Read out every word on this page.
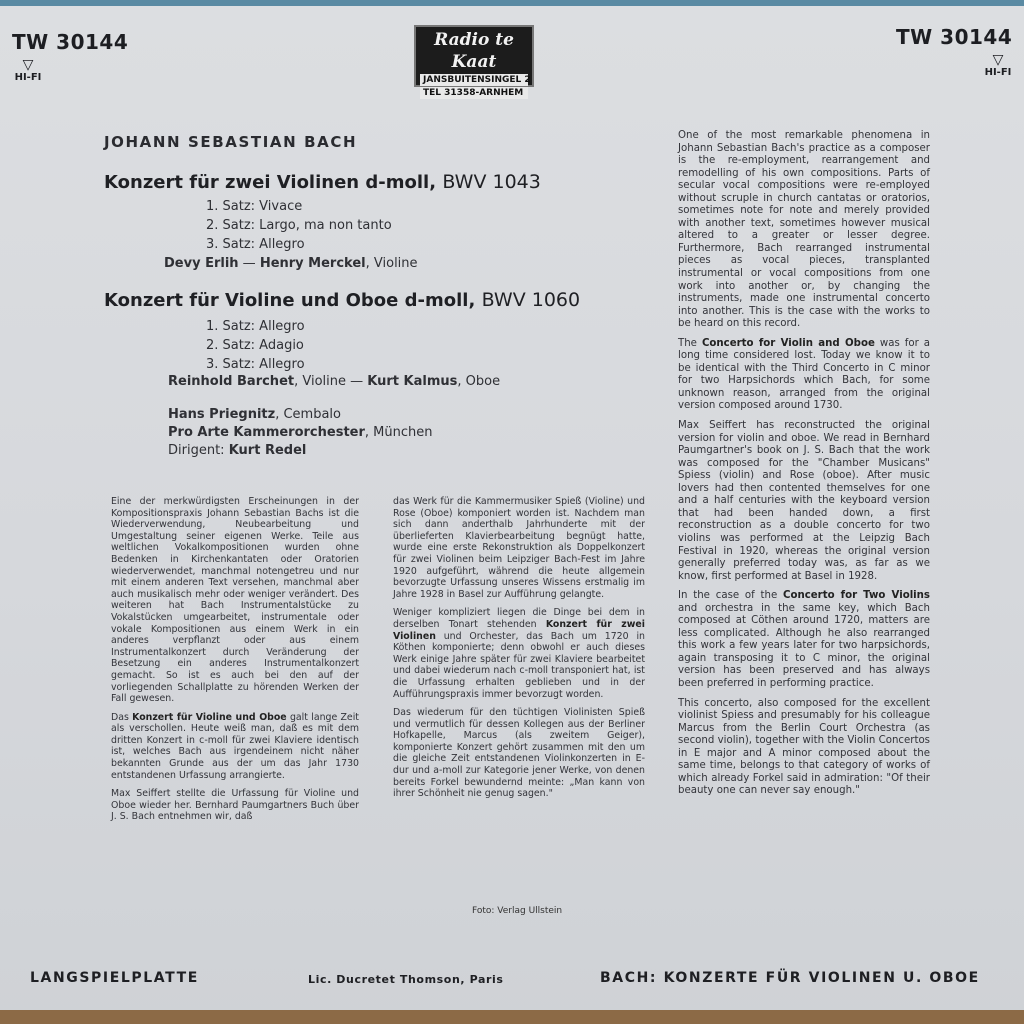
TW 30144	TW 30144
▽
HI-FI
▽
HI-FI
Radio te Kaat
JANSBUITENSINGEL 2
TEL 31358-ARNHEM
JOHANN SEBASTIAN BACH
Konzert für zwei Violinen d-moll, BWV 1043
1. Satz: Vivace
2. Satz: Largo, ma non tanto
3. Satz: Allegro
Devy Erlih — Henry Merckel, Violine
Konzert für Violine und Oboe d-moll, BWV 1060
1. Satz: Allegro
2. Satz: Adagio
3. Satz: Allegro
Reinhold Barchet, Violine — Kurt Kalmus, Oboe
Hans Priegnitz, Cembalo
Pro Arte Kammerorchester, München
Dirigent: Kurt Redel

Eine der merkwürdigsten Erscheinungen in der Kompositionspraxis Johann Sebastian Bachs ist die Wiederverwendung, Neubearbeitung und Umgestaltung seiner eigenen Werke. Teile aus weltlichen Vokalkompositionen wurden ohne Bedenken in Kirchenkantaten oder Oratorien wiederverwendet, manchmal notengetreu und nur mit einem anderen Text versehen, manchmal aber auch musikalisch mehr oder weniger verändert. Des weiteren hat Bach Instrumentalstücke zu Vokalstücken umgearbeitet, instrumentale oder vokale Kompositionen aus einem Werk in ein anderes verpflanzt oder aus einem Instrumentalkonzert durch Veränderung der Besetzung ein anderes Instrumentalkonzert gemacht. So ist es auch bei den auf der vorliegenden Schallplatte zu hörenden Werken der Fall gewesen.

Das Konzert für Violine und Oboe galt lange Zeit als verschollen. Heute weiß man, daß es mit dem dritten Konzert in c-moll für zwei Klaviere identisch ist, welches Bach aus irgendeinem nicht näher bekannten Grunde aus der um das Jahr 1730 entstandenen Urfassung arrangierte.

Max Seiffert stellte die Urfassung für Violine und Oboe wieder her. Bernhard Paumgartners Buch über J. S. Bach entnehmen wir, daß

das Werk für die Kammermusiker Spieß (Violine) und Rose (Oboe) komponiert worden ist. Nachdem man sich dann anderthalb Jahrhunderte mit der überlieferten Klavierbearbeitung begnügt hatte, wurde eine erste Rekonstruktion als Doppelkonzert für zwei Violinen beim Leipziger Bach-Fest im Jahre 1920 aufgeführt, während die heute allgemein bevorzugte Urfassung unseres Wissens erstmalig im Jahre 1928 in Basel zur Aufführung gelangte.

Weniger kompliziert liegen die Dinge bei dem in derselben Tonart stehenden Konzert für zwei Violinen und Orchester, das Bach um 1720 in Köthen komponierte; denn obwohl er auch dieses Werk einige Jahre später für zwei Klaviere bearbeitet und dabei wiederum nach c-moll transponiert hat, ist die Urfassung erhalten geblieben und in der Aufführungspraxis immer bevorzugt worden.

Das wiederum für den tüchtigen Violinisten Spieß und vermutlich für dessen Kollegen aus der Berliner Hofkapelle, Marcus (als zweitem Geiger), komponierte Konzert gehört zusammen mit den um die gleiche Zeit entstandenen Violinkonzerten in E-dur und a-moll zur Kategorie jener Werke, von denen bereits Forkel bewundernd meinte: „Man kann von ihrer Schönheit nie genug sagen."

One of the most remarkable phenomena in Johann Sebastian Bach's practice as a composer is the re-employment, rearrangement and remodelling of his own compositions. Parts of secular vocal compositions were re-employed without scruple in church cantatas or oratorios, sometimes note for note and merely provided with another text, sometimes however musical altered to a greater or lesser degree. Furthermore, Bach rearranged instrumental pieces as vocal pieces, transplanted instrumental or vocal compositions from one work into another or, by changing the instruments, made one instrumental concerto into another. This is the case with the works to be heard on this record.

The Concerto for Violin and Oboe was for a long time considered lost. Today we know it to be identical with the Third Concerto in C minor for two Harpsichords which Bach, for some unknown reason, arranged from the original version composed around 1730.

Max Seiffert has reconstructed the original version for violin and oboe. We read in Bernhard Paumgartner's book on J. S. Bach that the work was composed for the "Chamber Musicans" Spiess (violin) and Rose (oboe). After music lovers had then contented themselves for one and a half centuries with the keyboard version that had been handed down, a first reconstruction as a double concerto for two violins was performed at the Leipzig Bach Festival in 1920, whereas the original version generally preferred today was, as far as we know, first performed at Basel in 1928.

In the case of the Concerto for Two Violins and orchestra in the same key, which Bach composed at Cöthen around 1720, matters are less complicated. Although he also rearranged this work a few years later for two harpsichords, again transposing it to C minor, the original version has been preserved and has always been preferred in performing practice.

This concerto, also composed for the excellent violinist Spiess and presumably for his colleague Marcus from the Berlin Court Orchestra (as second violin), together with the Violin Concertos in E major and A minor composed about the same time, belongs to that category of works of which already Forkel said in admiration: "Of their beauty one can never say enough."

Foto: Verlag Ullstein
LANGSPIELPLATTE	Lic. Ducretet Thomson, Paris	BACH: KONZERTE FÜR VIOLINEN U. OBOE
